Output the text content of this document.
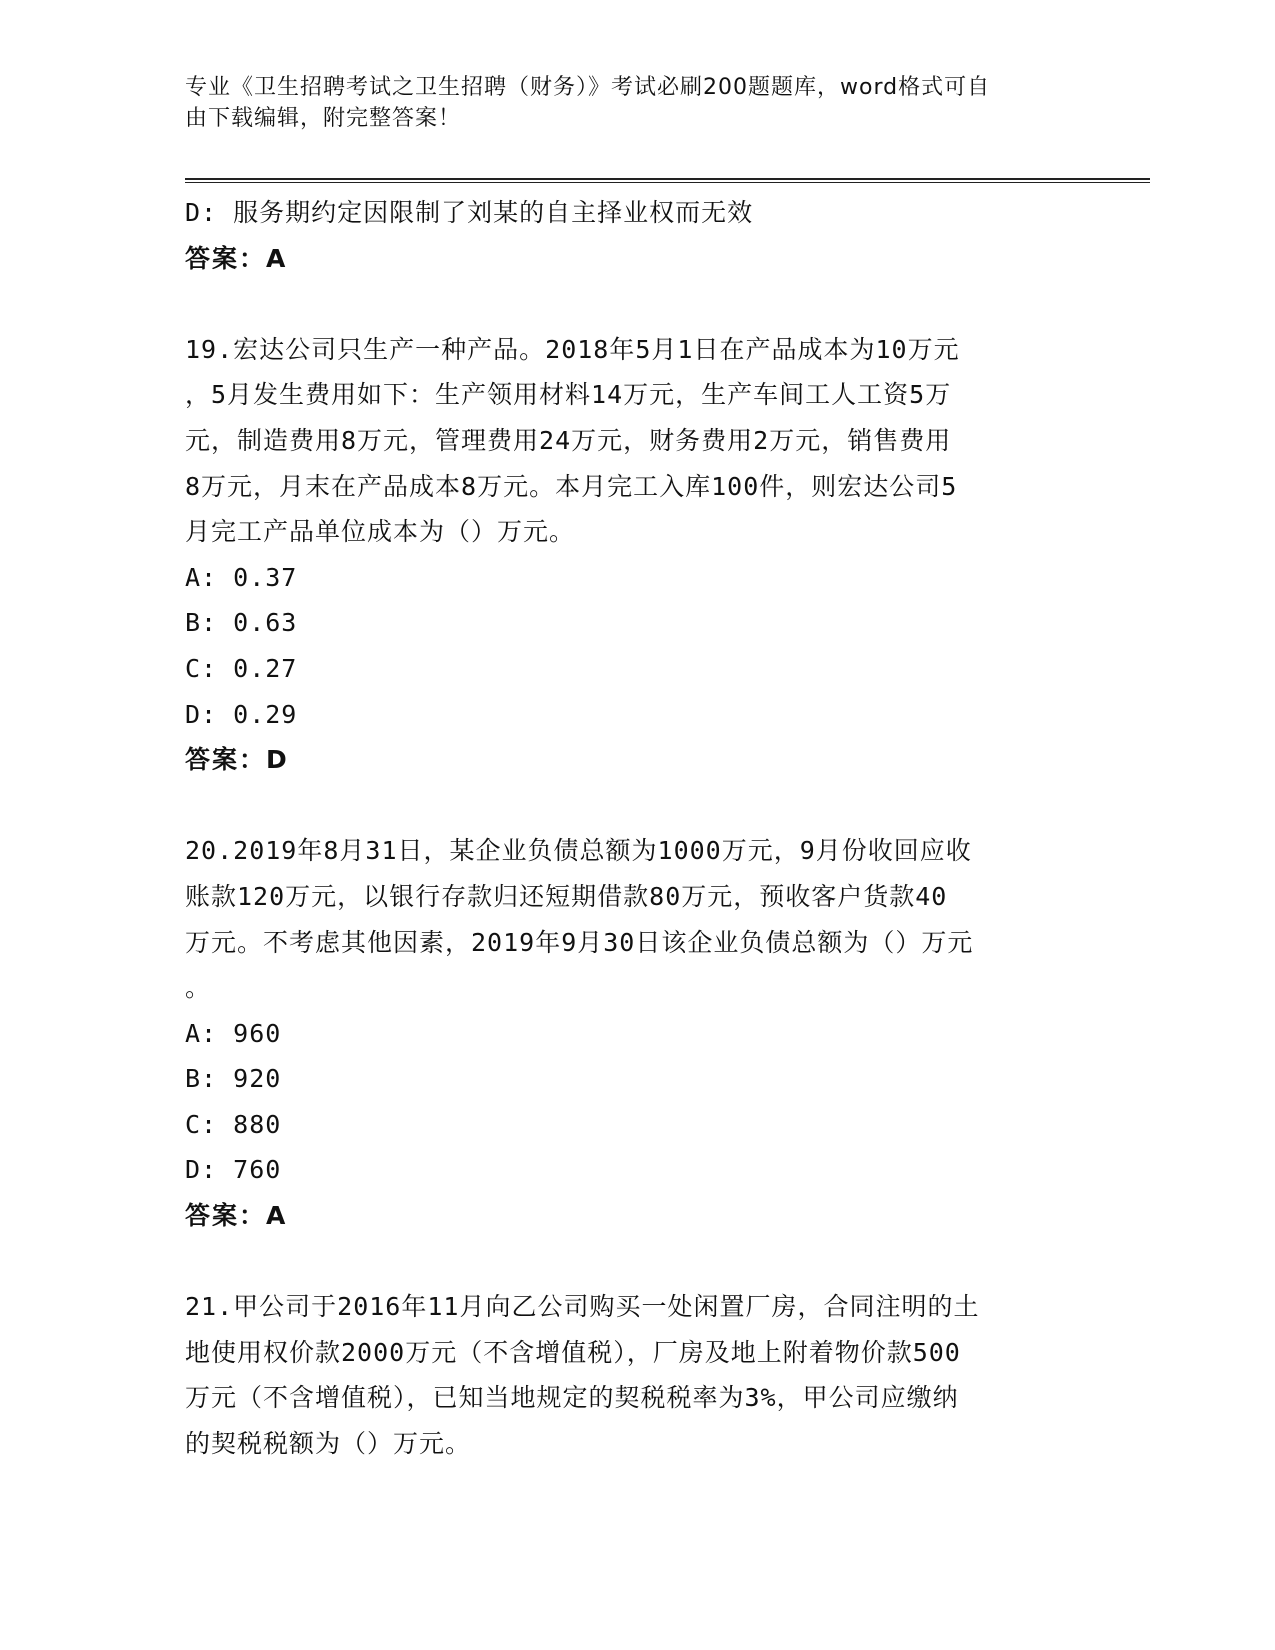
专业《卫生招聘考试之卫生招聘（财务）》考试必刷200题题库，word格式可自
由下载编辑，附完整答案！

D: 服务期约定因限制了刘某的自主择业权而无效

答案：A

19.宏达公司只生产一种产品。2018年5月1日在产品成本为10万元

，5月发生费用如下：生产领用材料14万元，生产车间工人工资5万

元，制造费用8万元，管理费用24万元，财务费用2万元，销售费用

8万元，月末在产品成本8万元。本月完工入库100件，则宏达公司5

月完工产品单位成本为（）万元。

A: 0.37

B: 0.63

C: 0.27

D: 0.29

答案：D

20.2019年8月31日，某企业负债总额为1000万元，9月份收回应收

账款120万元，以银行存款归还短期借款80万元，预收客户货款40

万元。不考虑其他因素，2019年9月30日该企业负债总额为（）万元

。

A: 960

B: 920

C: 880

D: 760

答案：A

21.甲公司于2016年11月向乙公司购买一处闲置厂房，合同注明的土

地使用权价款2000万元（不含增值税），厂房及地上附着物价款500

万元（不含增值税），已知当地规定的契税税率为3%，甲公司应缴纳

的契税税额为（）万元。
